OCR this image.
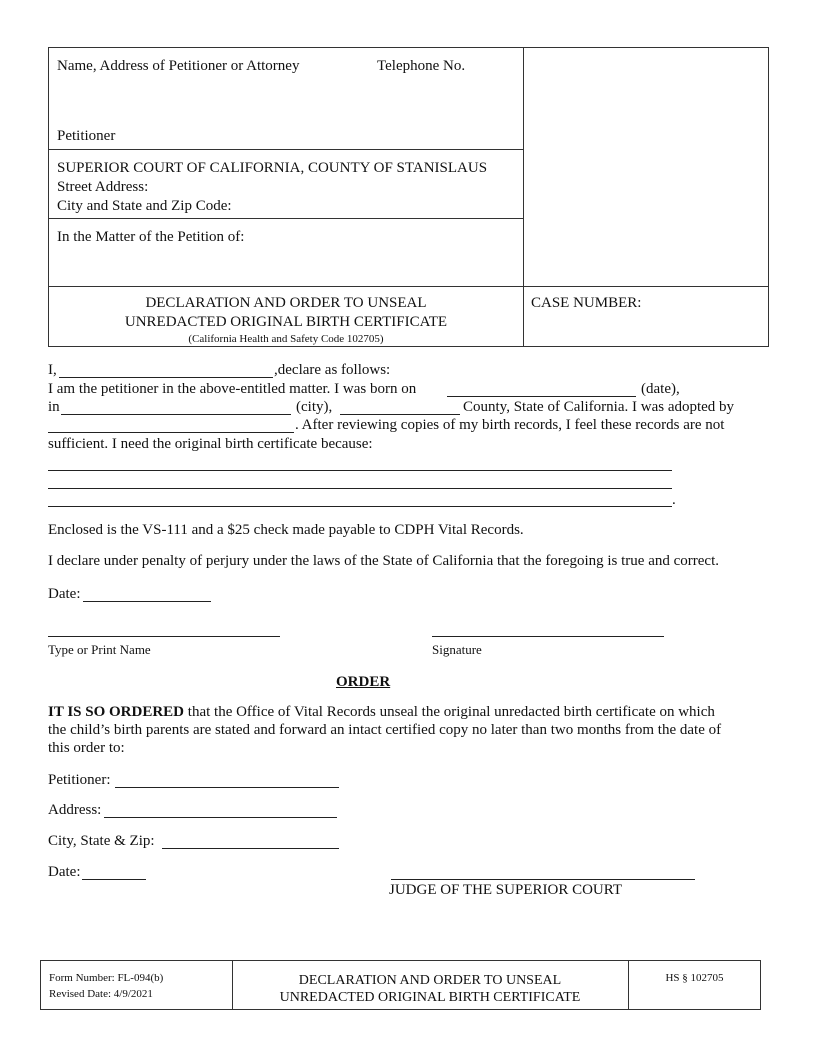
Name, Address of Petitioner or Attorney	Telephone No.
Petitioner
SUPERIOR COURT OF CALIFORNIA, COUNTY OF STANISLAUS
Street Address:
City and State and Zip Code:
In the Matter of the Petition of:
DECLARATION AND ORDER TO UNSEAL
UNREDACTED ORIGINAL BIRTH CERTIFICATE
(California Health and Safety Code 102705)
CASE NUMBER:
I,	,declare as follows:
I am the petitioner in the above-entitled matter. I was born on	(date),
in	(city),	County, State of California. I was adopted by
. After reviewing copies of my birth records, I feel these records are not
sufficient. I need the original birth certificate because:
.
Enclosed is the VS-111 and a $25 check made payable to CDPH Vital Records.
I declare under penalty of perjury under the laws of the State of California that the foregoing is true and correct.
Date:
Type or Print Name	Signature
ORDER
IT IS SO ORDERED that the Office of Vital Records unseal the original unredacted birth certificate on which
the child’s birth parents are stated and forward an intact certified copy no later than two months from the date of
this order to:
Petitioner:
Address:
City, State & Zip:
Date:
JUDGE OF THE SUPERIOR COURT
Form Number: FL-094(b)
Revised Date: 4/9/2021
DECLARATION AND ORDER TO UNSEAL
UNREDACTED ORIGINAL BIRTH CERTIFICATE
HS § 102705
